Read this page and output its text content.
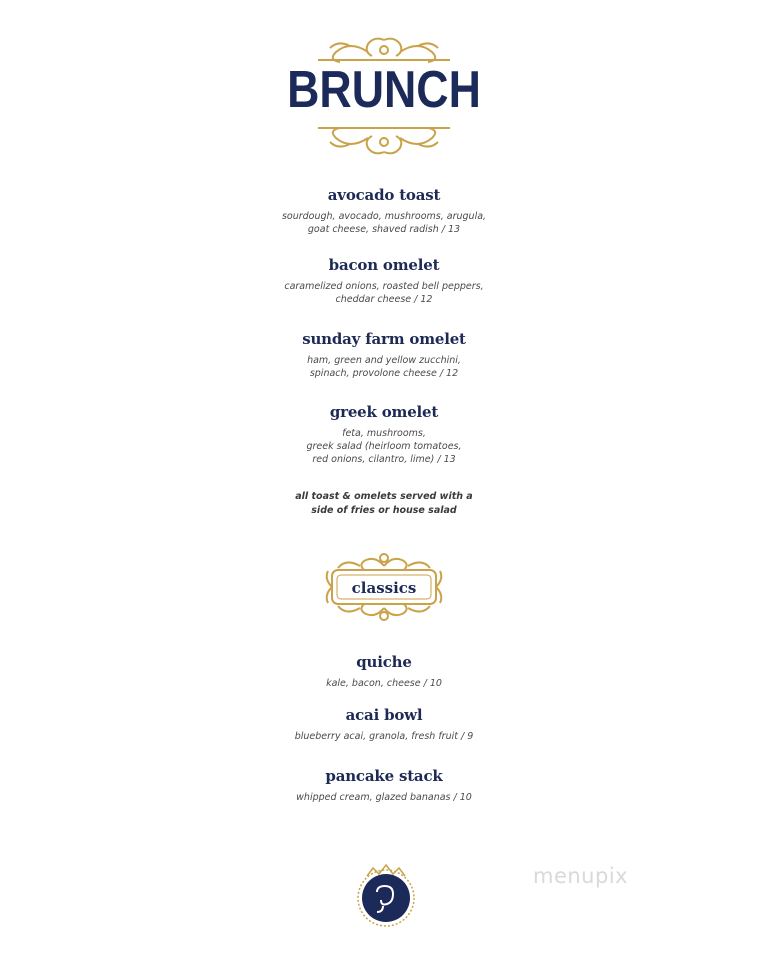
BRUNCH
avocado toast
sourdough, avocado, mushrooms, arugula,
goat cheese, shaved radish / 13
bacon omelet
caramelized onions, roasted bell peppers,
cheddar cheese / 12
sunday farm omelet
ham, green and yellow zucchini,
spinach, provolone cheese / 12
greek omelet
feta, mushrooms,
greek salad (heirloom tomatoes,
red onions, cilantro, lime) / 13
all toast & omelets served with a
side of fries or house salad
classics
quiche
kale, bacon, cheese / 10
acai bowl
blueberry acai, granola, fresh fruit / 9
pancake stack
whipped cream, glazed bananas / 10
menupix
